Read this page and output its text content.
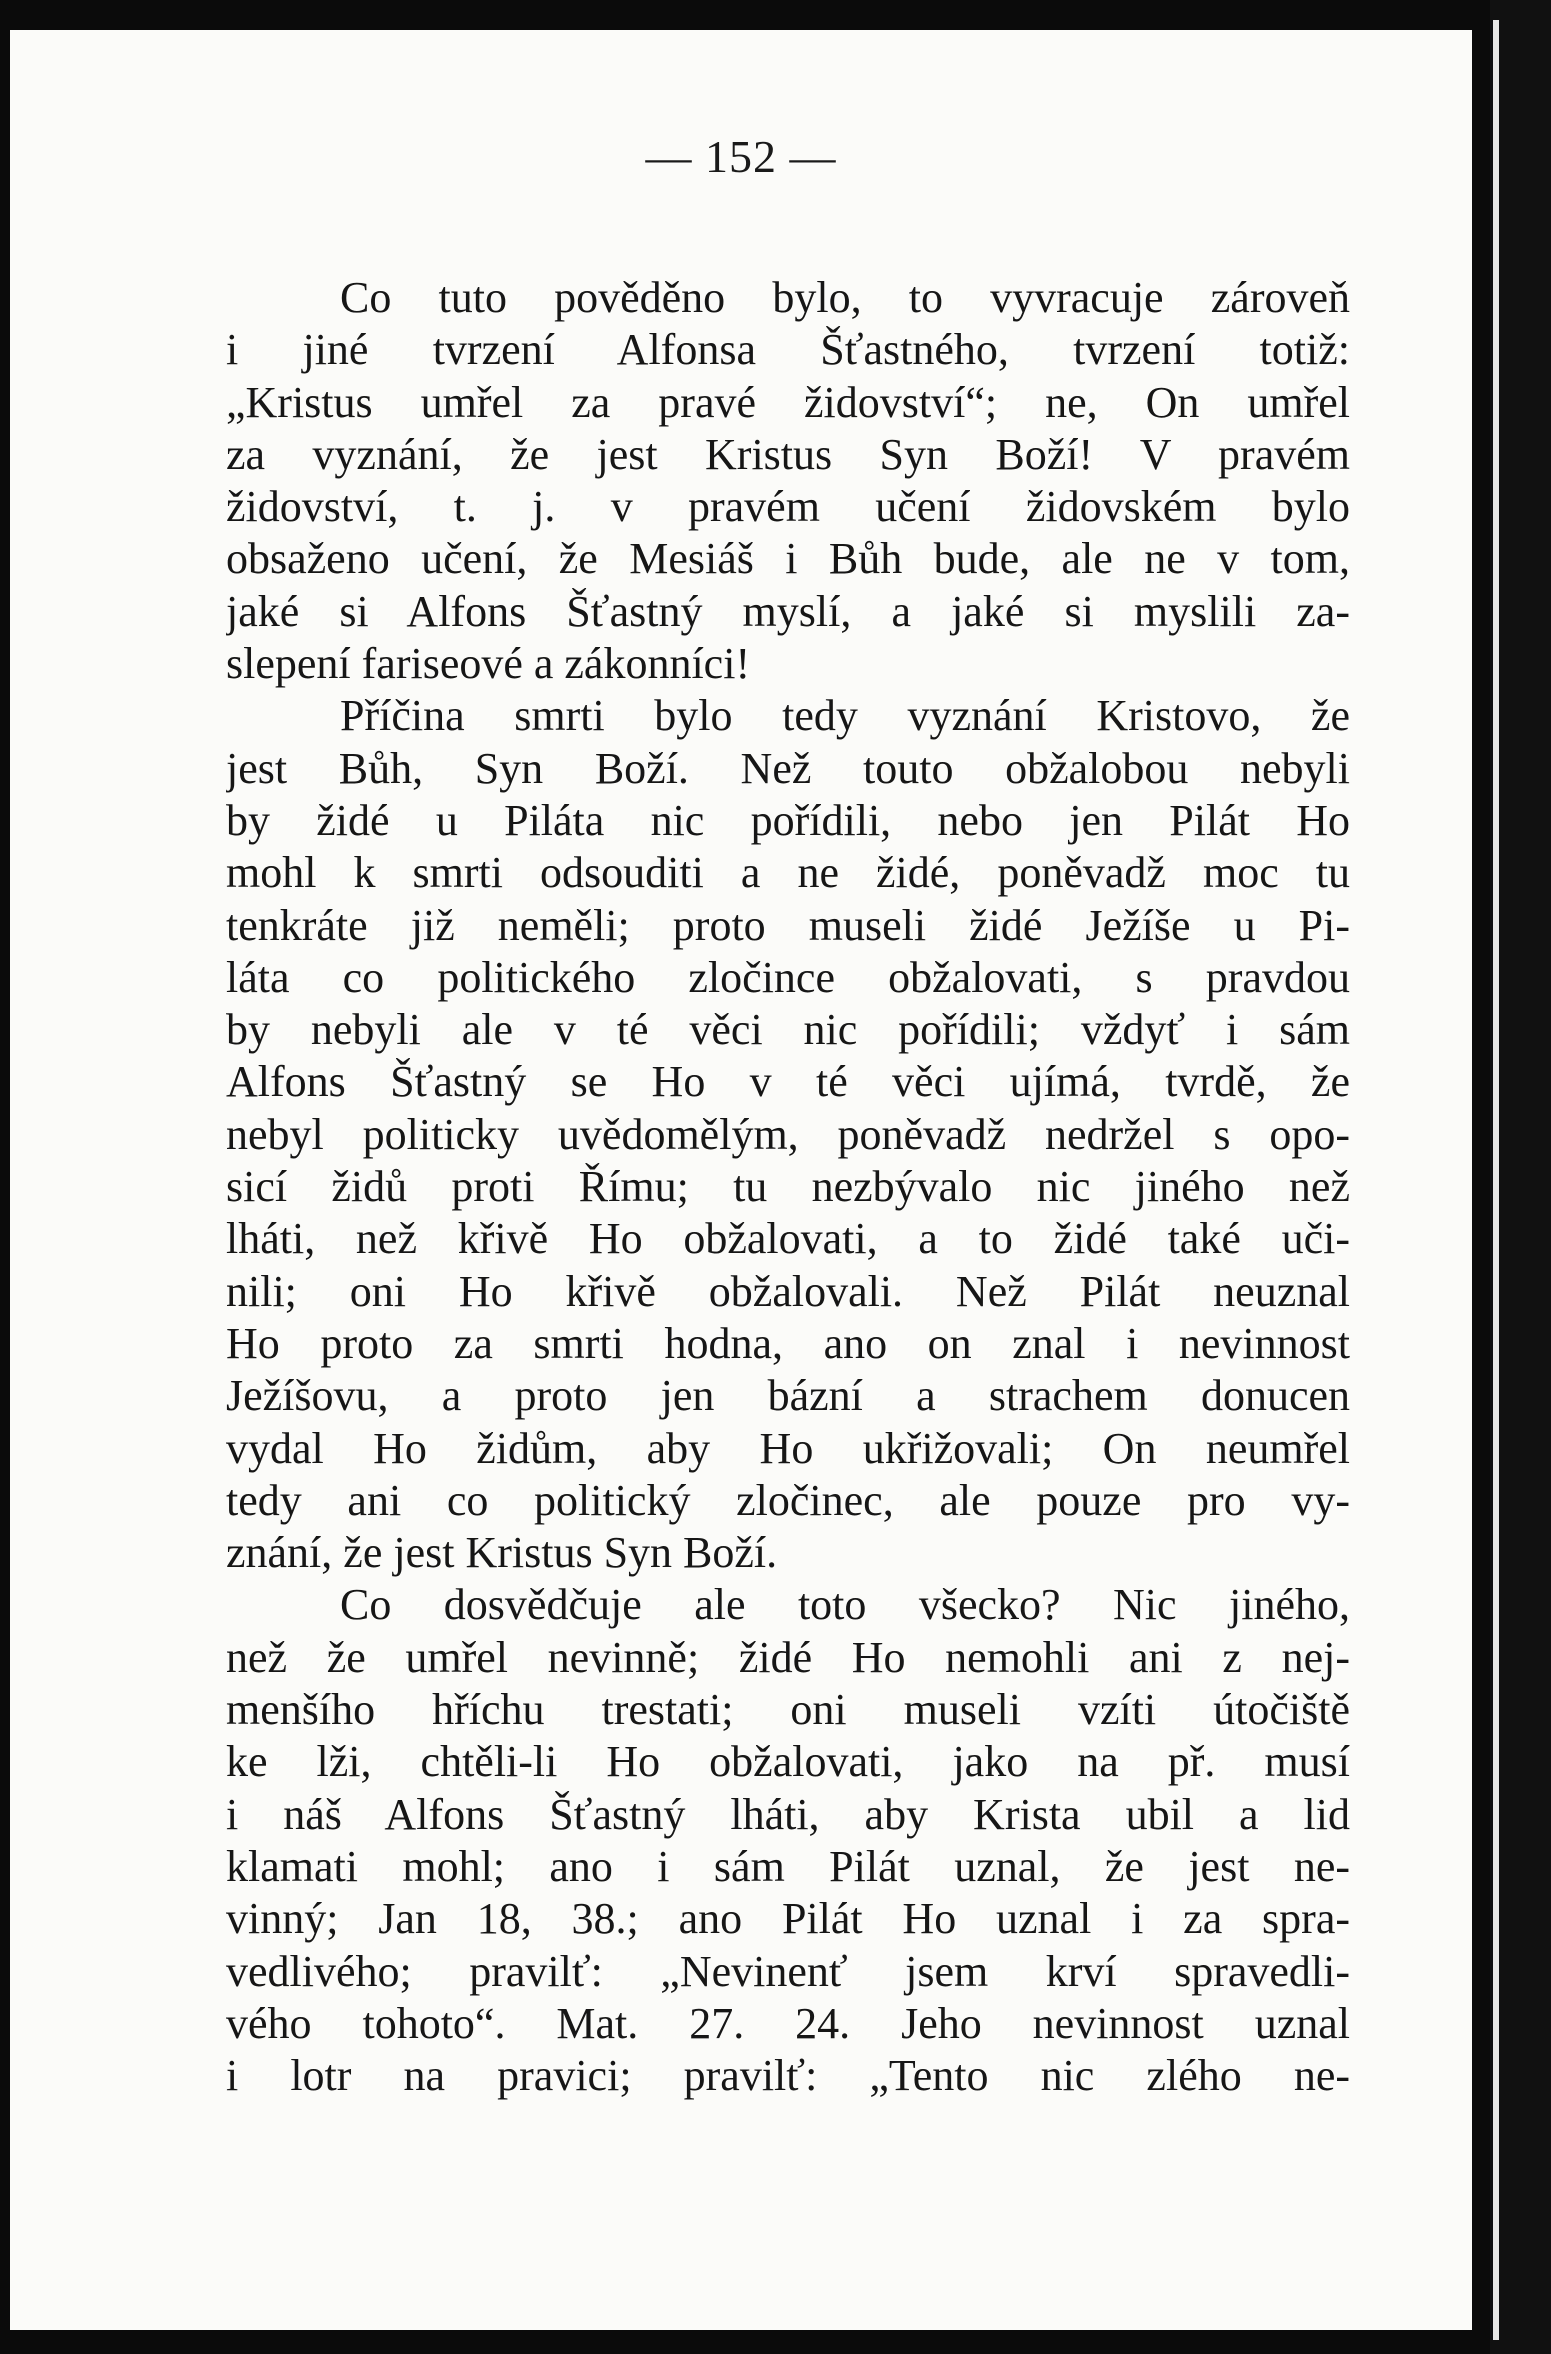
— 152 —
Co tuto pověděno bylo, to vyvracuje zároveň
i jiné tvrzení Alfonsa Šťastného, tvrzení totiž:
„Kristus umřel za pravé židovství“; ne, On umřel
za vyznání, že jest Kristus Syn Boží! V pravém
židovství, t. j. v pravém učení židovském bylo
obsaženo učení, že Mesiáš i Bůh bude, ale ne v tom,
jaké si Alfons Šťastný myslí, a jaké si myslili za-
slepení fariseové a zákonníci!
Příčina smrti bylo tedy vyznání Kristovo, že
jest Bůh, Syn Boží. Než touto obžalobou nebyli
by židé u Piláta nic pořídili, nebo jen Pilát Ho
mohl k smrti odsouditi a ne židé, poněvadž moc tu
tenkráte již neměli; proto museli židé Ježíše u Pi-
láta co politického zločince obžalovati, s pravdou
by nebyli ale v té věci nic pořídili; vždyť i sám
Alfons Šťastný se Ho v té věci ujímá, tvrdě, že
nebyl politicky uvědomělým, poněvadž nedržel s opo-
sicí židů proti Římu; tu nezbývalo nic jiného než
lháti, než křivě Ho obžalovati, a to židé také uči-
nili; oni Ho křivě obžalovali. Než Pilát neuznal
Ho proto za smrti hodna, ano on znal i nevinnost
Ježíšovu, a proto jen bázní a strachem donucen
vydal Ho židům, aby Ho ukřižovali; On neumřel
tedy ani co politický zločinec, ale pouze pro vy-
znání, že jest Kristus Syn Boží.
Co dosvědčuje ale toto všecko? Nic jiného,
než že umřel nevinně; židé Ho nemohli ani z nej-
menšího hříchu trestati; oni museli vzíti útočiště
ke lži, chtěli-li Ho obžalovati, jako na př. musí
i náš Alfons Šťastný lháti, aby Krista ubil a lid
klamati mohl; ano i sám Pilát uznal, že jest ne-
vinný; Jan 18, 38.; ano Pilát Ho uznal i za spra-
vedlivého; pravilť: „Nevinenť jsem krví spravedli-
vého tohoto“. Mat. 27. 24. Jeho nevinnost uznal
i lotr na pravici; pravilť: „Tento nic zlého ne-
